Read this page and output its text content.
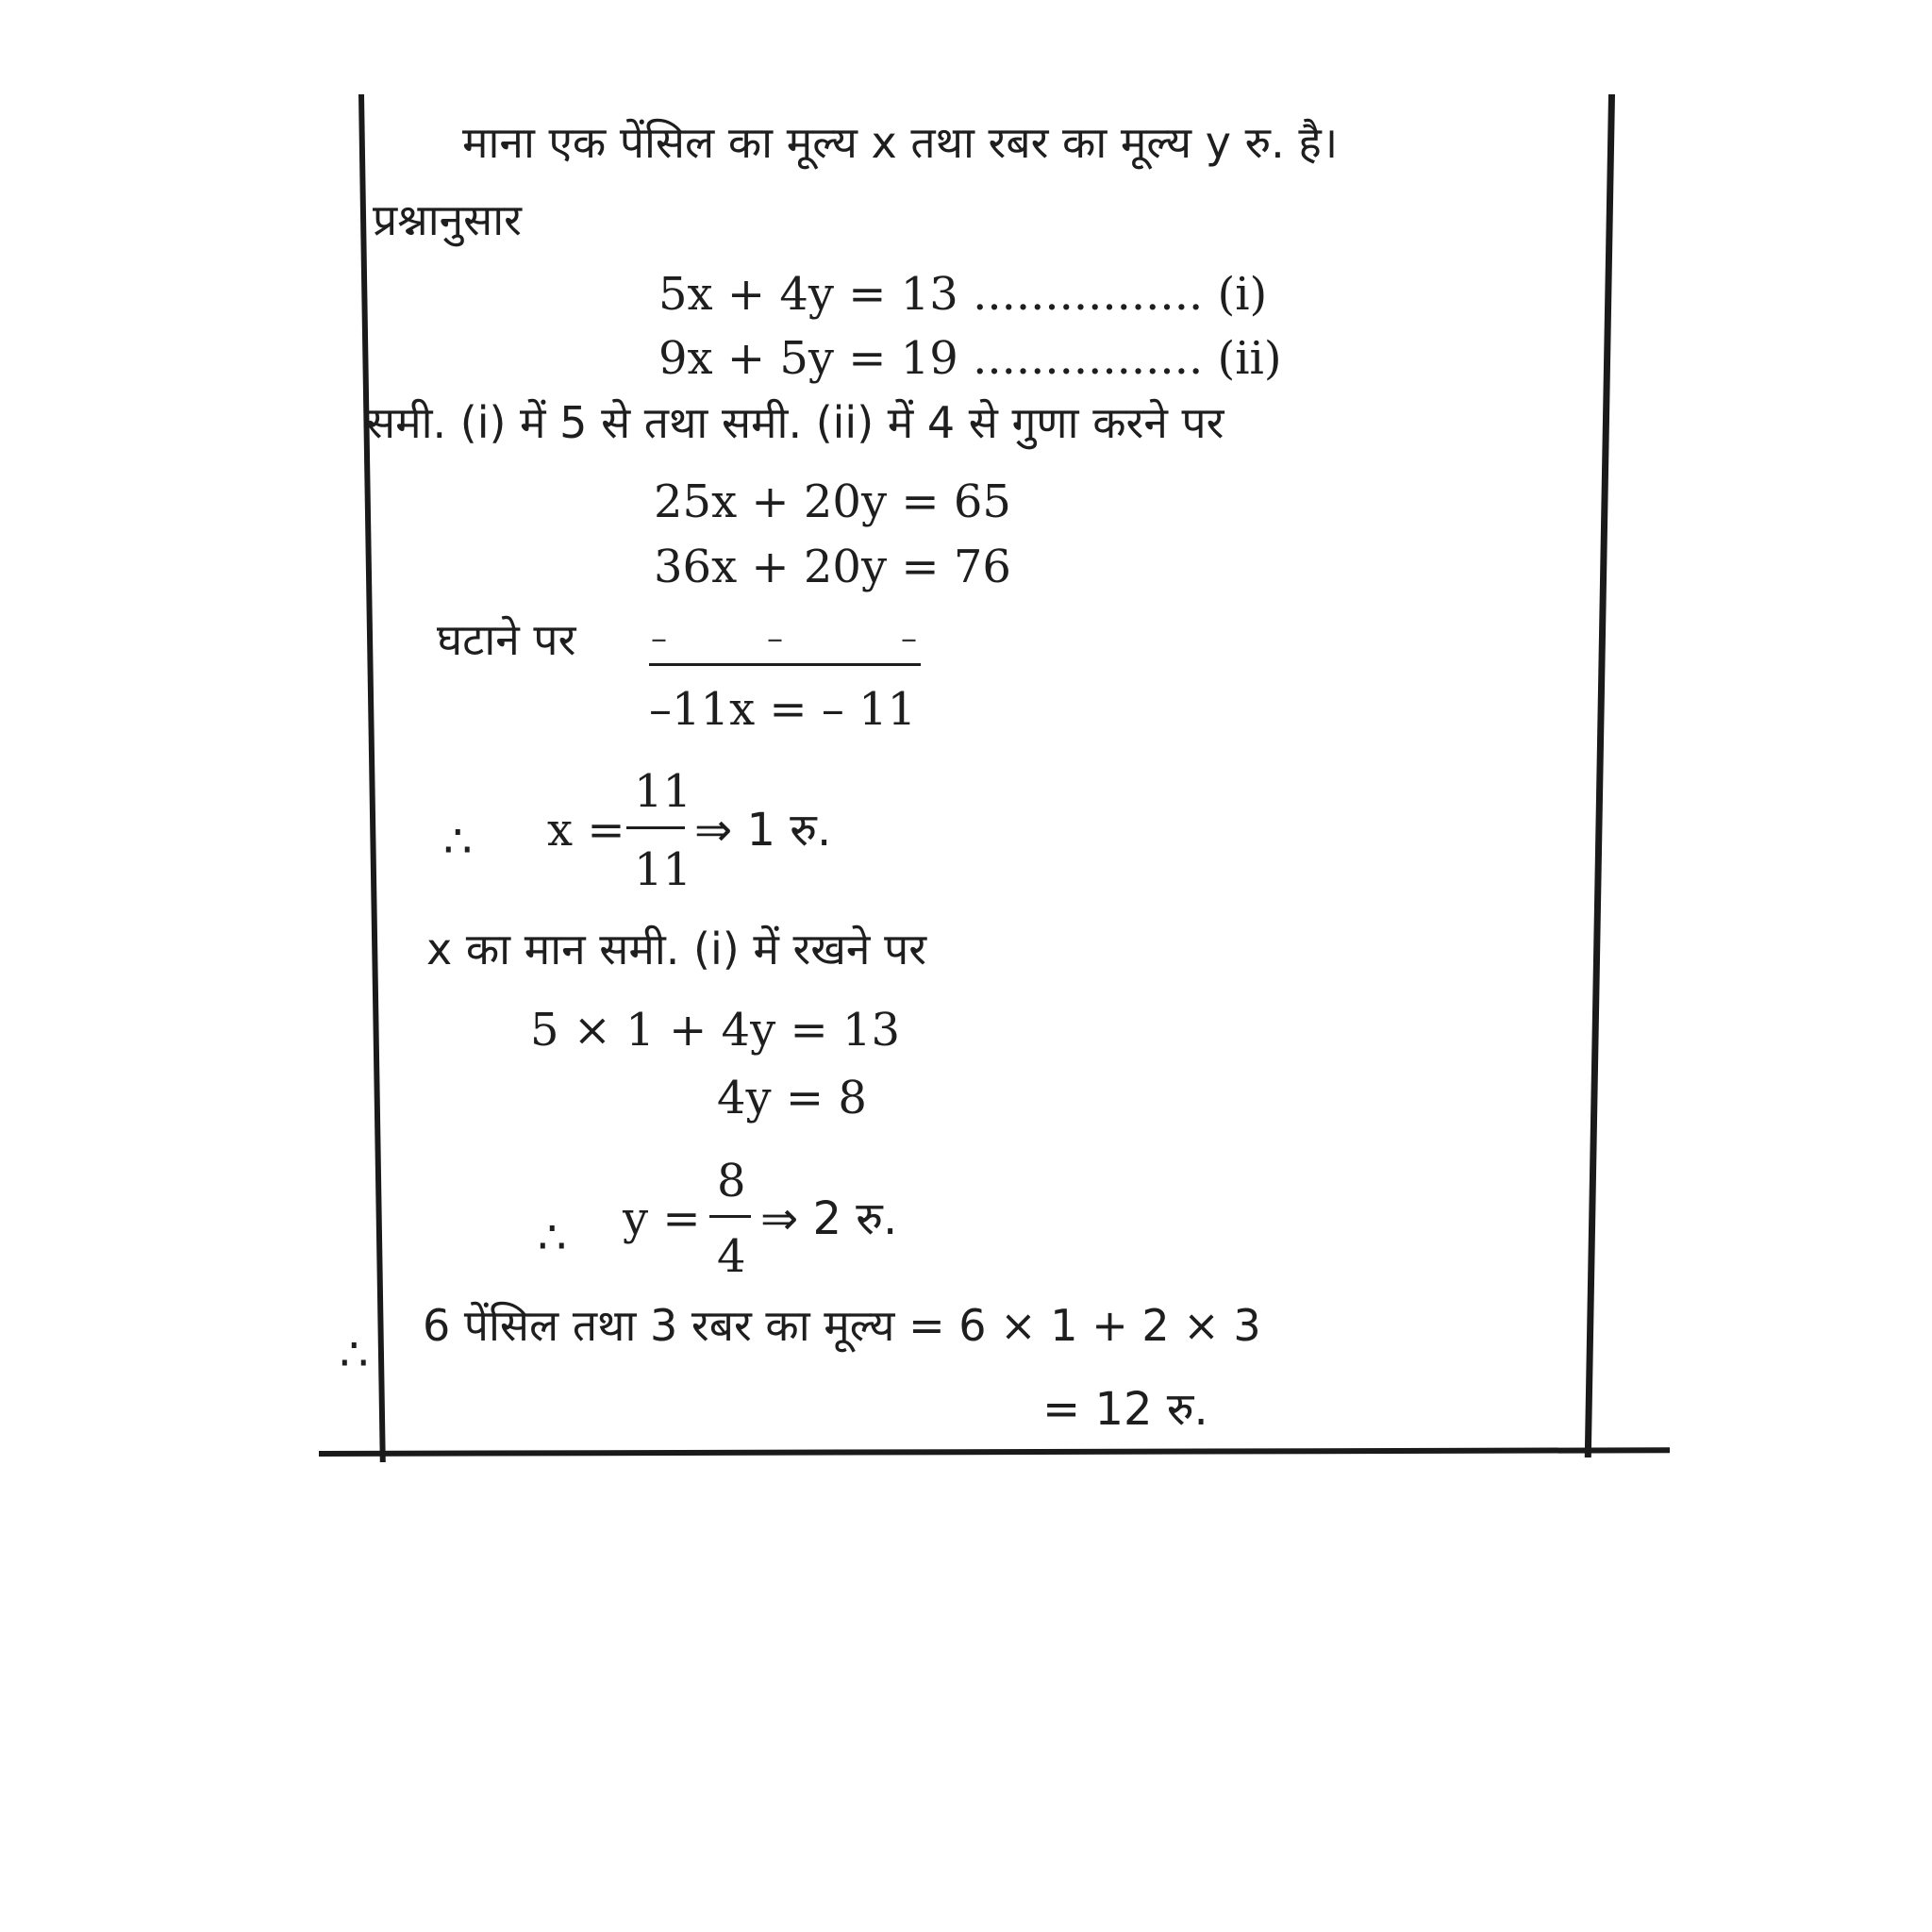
माना एक पेंसिल का मूल्य x तथा रबर का मूल्य y रु. है।
प्रश्नानुसार
5x + 4y = 13 ................ (i)
9x + 5y = 19 ................ (ii)
समी. (i) में 5 से तथा समी. (ii) में 4 से गुणा करने पर
25x + 20y = 65
36x + 20y = 76
घटाने पर –	–	–
–11x = – 11
∴ x =
11
11
⇒ 1 रु.
x का मान समी. (i) में रखने पर
5 × 1 + 4y = 13
4y = 8
∴ y =
8
4
⇒ 2 रु.
∴
6 पेंसिल तथा 3 रबर का मूल्य = 6 × 1 + 2 × 3
= 12 रु.
